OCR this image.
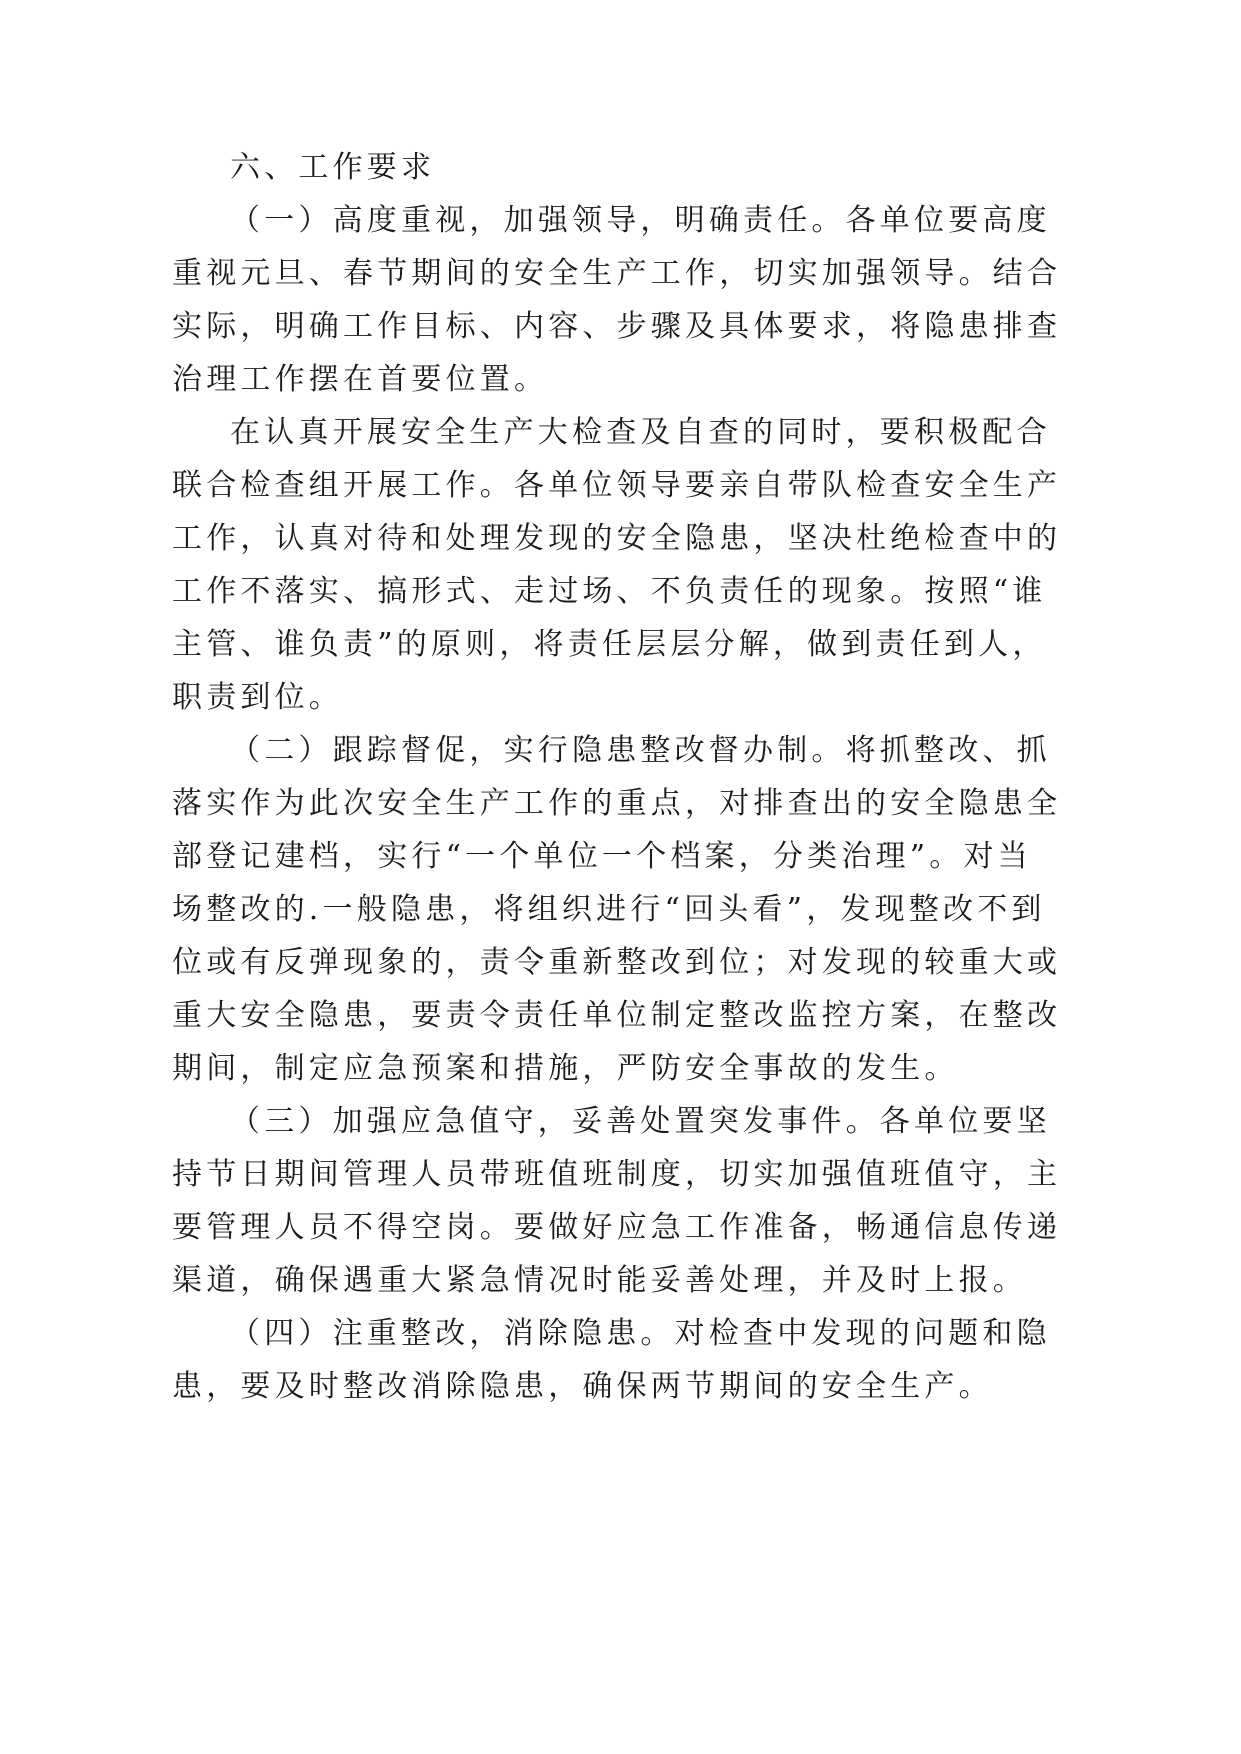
六、工作要求
（一）高度重视，加强领导，明确责任。各单位要高度
重视元旦、春节期间的安全生产工作，切实加强领导。结合
实际，明确工作目标、内容、步骤及具体要求，将隐患排查
治理工作摆在首要位置。
在认真开展安全生产大检查及自查的同时，要积极配合
联合检查组开展工作。各单位领导要亲自带队检查安全生产
工作，认真对待和处理发现的安全隐患，坚决杜绝检查中的
工作不落实、搞形式、走过场、不负责任的现象。按照“谁
主管、谁负责”的原则，将责任层层分解，做到责任到人，
职责到位。
（二）跟踪督促，实行隐患整改督办制。将抓整改、抓
落实作为此次安全生产工作的重点，对排查出的安全隐患全
部登记建档，实行“一个单位一个档案，分类治理”。对当
场整改的.一般隐患，将组织进行“回头看”，发现整改不到
位或有反弹现象的，责令重新整改到位；对发现的较重大或
重大安全隐患，要责令责任单位制定整改监控方案，在整改
期间，制定应急预案和措施，严防安全事故的发生。
（三）加强应急值守，妥善处置突发事件。各单位要坚
持节日期间管理人员带班值班制度，切实加强值班值守，主
要管理人员不得空岗。要做好应急工作准备，畅通信息传递
渠道，确保遇重大紧急情况时能妥善处理，并及时上报。
（四）注重整改，消除隐患。对检查中发现的问题和隐
患，要及时整改消除隐患，确保两节期间的安全生产。
